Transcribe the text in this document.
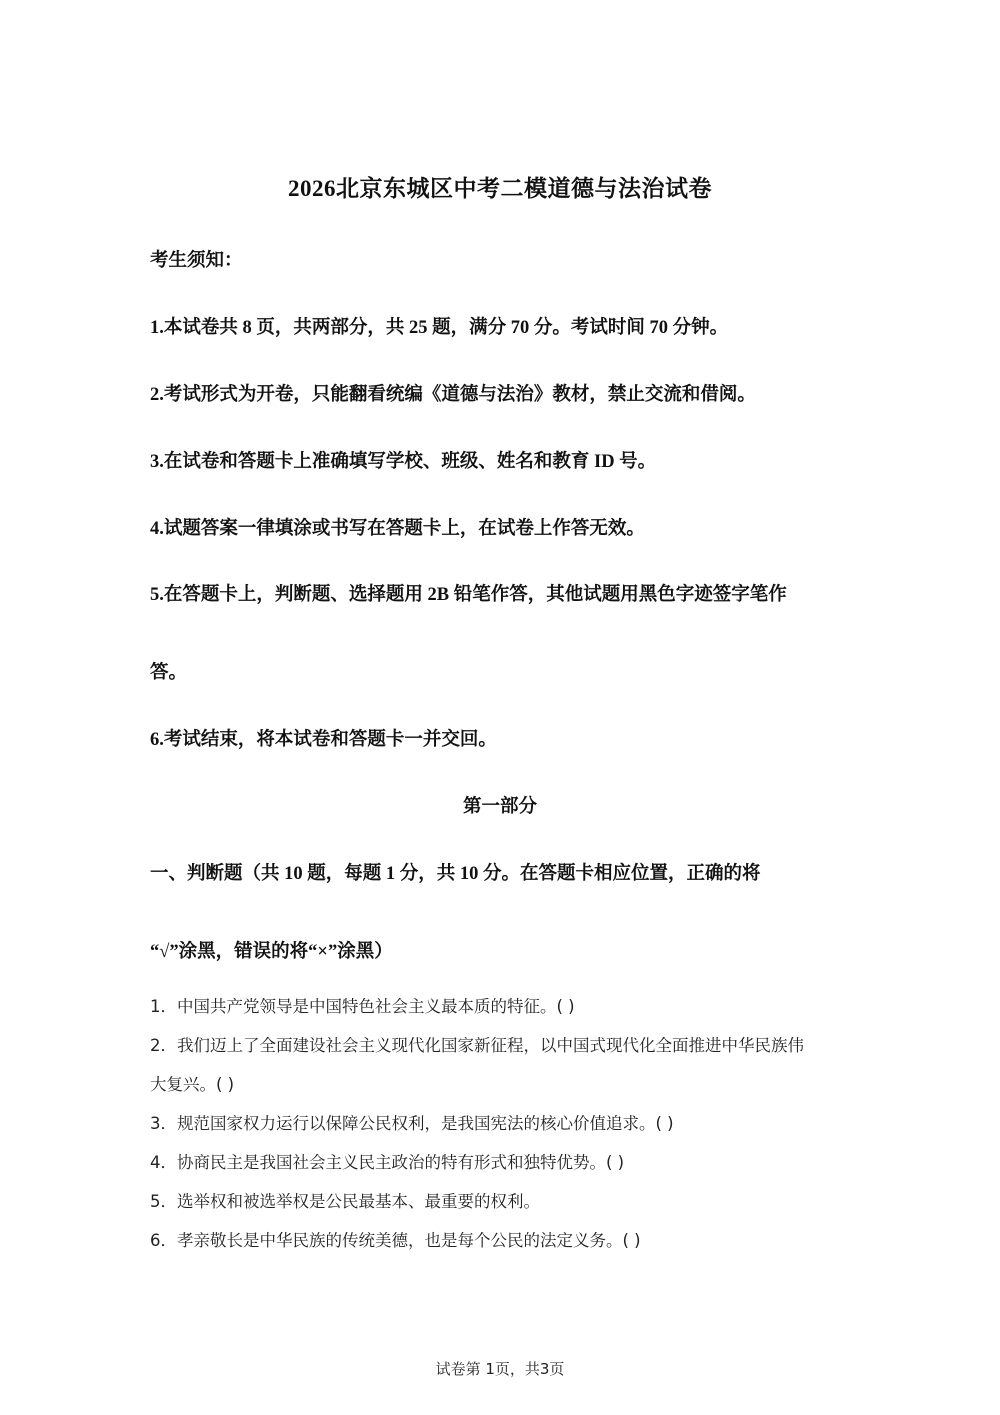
2026北京东城区中考二模道德与法治试卷
考生须知：
1.本试卷共 8 页，共两部分，共 25 题，满分 70 分。考试时间 70 分钟。
2.考试形式为开卷，只能翻看统编《道德与法治》教材，禁止交流和借阅。
3.在试卷和答题卡上准确填写学校、班级、姓名和教育 ID 号。
4.试题答案一律填涂或书写在答题卡上，在试卷上作答无效。
5.在答题卡上，判断题、选择题用 2B 铅笔作答，其他试题用黑色字迹签字笔作
答。
6.考试结束，将本试卷和答题卡一并交回。
第一部分
一、判断题（共 10 题，每题 1 分，共 10 分。在答题卡相应位置，正确的将
“√”涂黑，错误的将“×”涂黑）
1．中国共产党领导是中国特色社会主义最本质的特征。( )
2．我们迈上了全面建设社会主义现代化国家新征程，以中国式现代化全面推进中华民族伟
大复兴。( )
3．规范国家权力运行以保障公民权利，是我国宪法的核心价值追求。( )
4．协商民主是我国社会主义民主政治的特有形式和独特优势。( )
5．选举权和被选举权是公民最基本、最重要的权利。
6．孝亲敬长是中华民族的传统美德，也是每个公民的法定义务。( )
试卷第 1页，共3页
